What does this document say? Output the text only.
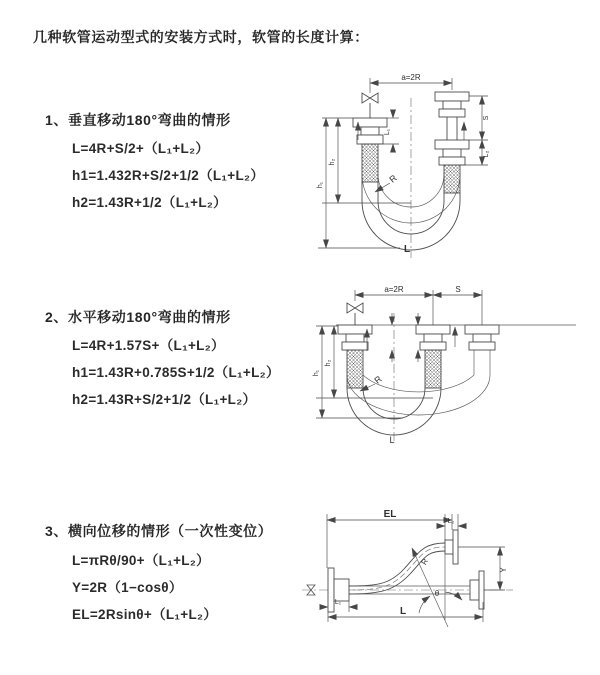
几种软管运动型式的安装方式时，软管的长度计算：
1、垂直移动180°弯曲的情形
L=4R+S/2+（L₁+L₂）
h1=1.432R+S/2+1/2（L₁+L₂）
h2=1.43R+1/2（L₁+L₂）
a=2R
L₁
S
L₂
h₂
h₁
R
L
2、水平移动180°弯曲的情形
L=4R+1.57S+（L₁+L₂）
h1=1.43R+0.785S+1/2（L₁+L₂）
h2=1.43R+S/2+1/2（L₁+L₂）
a=2R	S
h₂
h₁
R
L
3、横向位移的情形（一次性变位）
L=πRθ/90+（L₁+L₂）
Y=2R（1−cosθ）
EL=2Rsinθ+（L₁+L₂）
EL
L₂
Y
R
θ
L₁
L
